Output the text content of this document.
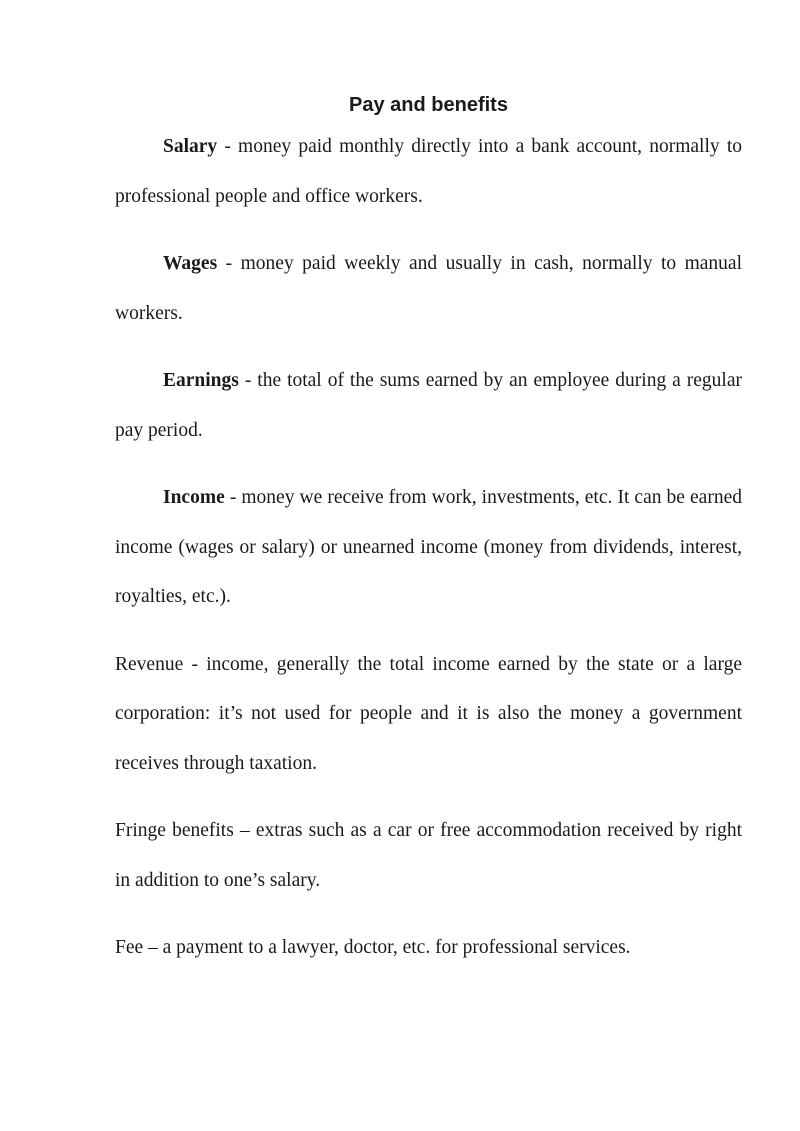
Pay and benefits

Salary - money paid monthly directly into a bank account, normally to professional people and office workers.

Wages - money paid weekly and usually in cash, normally to manual workers.

Earnings - the total of the sums earned by an employee during a regular pay period.

Income - money we receive from work, investments, etc. It can be earned income (wages or salary) or unearned income (money from dividends, interest, royalties, etc.).

Revenue - income, generally the total income earned by the state or a large corporation: it’s not used for people and it is also the money a government receives through taxation.

Fringe benefits – extras such as a car or free accommodation received by right in addition to one’s salary.

Fee – a payment to a lawyer, doctor, etc. for professional services.
